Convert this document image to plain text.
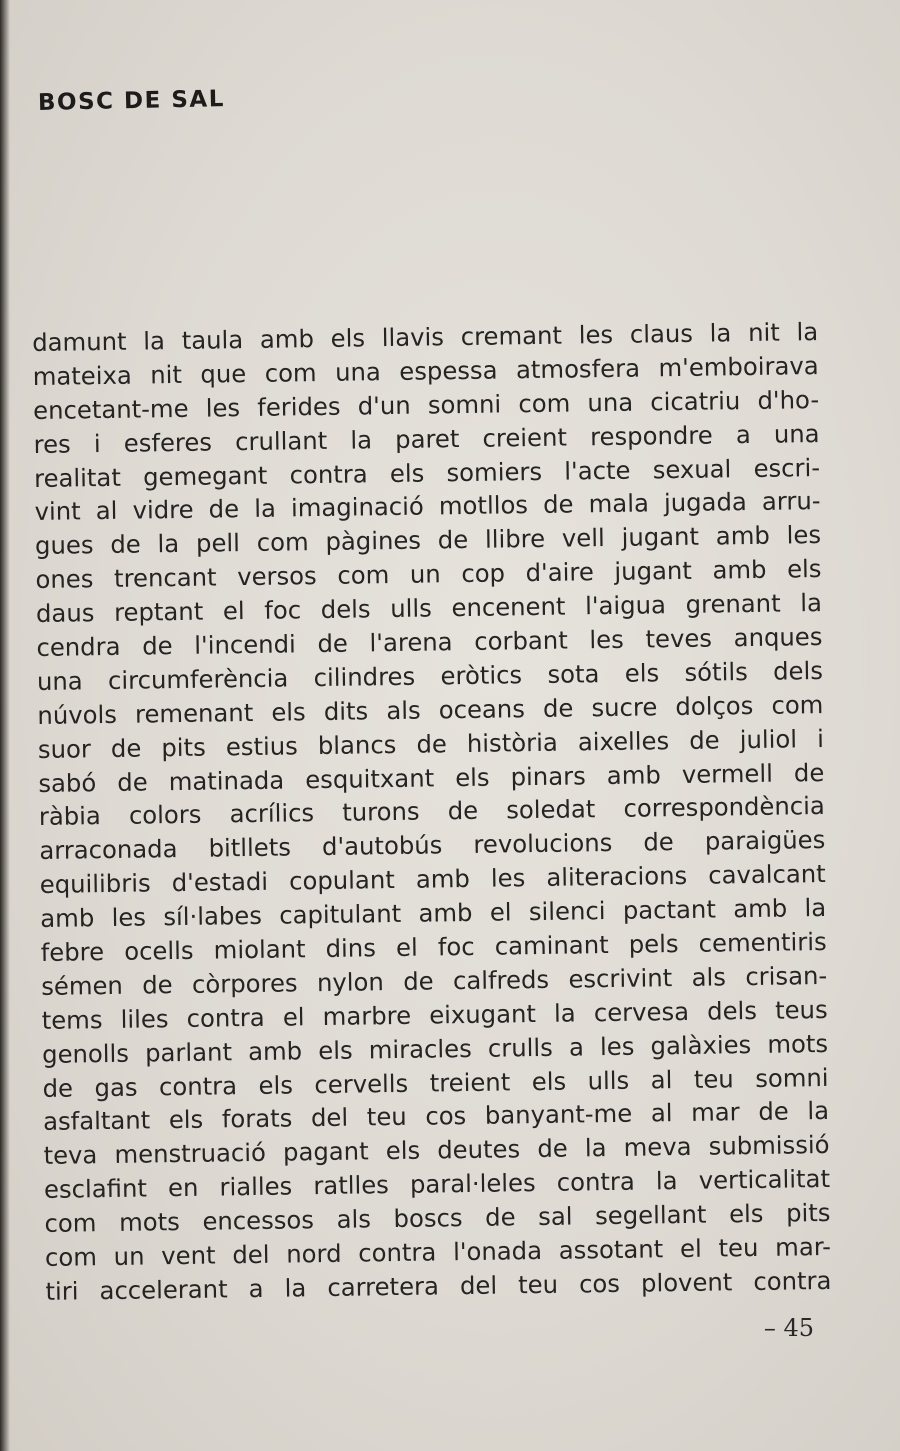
BOSC DE SAL
damunt la taula amb els llavis cremant les claus la nit la
mateixa nit que com una espessa atmosfera m'emboirava
encetant-me les ferides d'un somni com una cicatriu d'ho-
res i esferes crullant la paret creient respondre a una
realitat gemegant contra els somiers l'acte sexual escri-
vint al vidre de la imaginació motllos de mala jugada arru-
gues de la pell com pàgines de llibre vell jugant amb les
ones trencant versos com un cop d'aire jugant amb els
daus reptant el foc dels ulls encenent l'aigua grenant la
cendra de l'incendi de l'arena corbant les teves anques
una circumferència cilindres eròtics sota els sótils dels
núvols remenant els dits als oceans de sucre dolços com
suor de pits estius blancs de història aixelles de juliol i
sabó de matinada esquitxant els pinars amb vermell de
ràbia colors acrílics turons de soledat correspondència
arraconada bitllets d'autobús revolucions de paraigües
equilibris d'estadi copulant amb les aliteracions cavalcant
amb les síl·labes capitulant amb el silenci pactant amb la
febre ocells miolant dins el foc caminant pels cementiris
sémen de còrpores nylon de calfreds escrivint als crisan-
tems liles contra el marbre eixugant la cervesa dels teus
genolls parlant amb els miracles crulls a les galàxies mots
de gas contra els cervells treient els ulls al teu somni
asfaltant els forats del teu cos banyant-me al mar de la
teva menstruació pagant els deutes de la meva submissió
esclafint en rialles ratlles paral·leles contra la verticalitat
com mots encessos als boscs de sal segellant els pits
com un vent del nord contra l'onada assotant el teu mar-
tiri accelerant a la carretera del teu cos plovent contra

– 45
